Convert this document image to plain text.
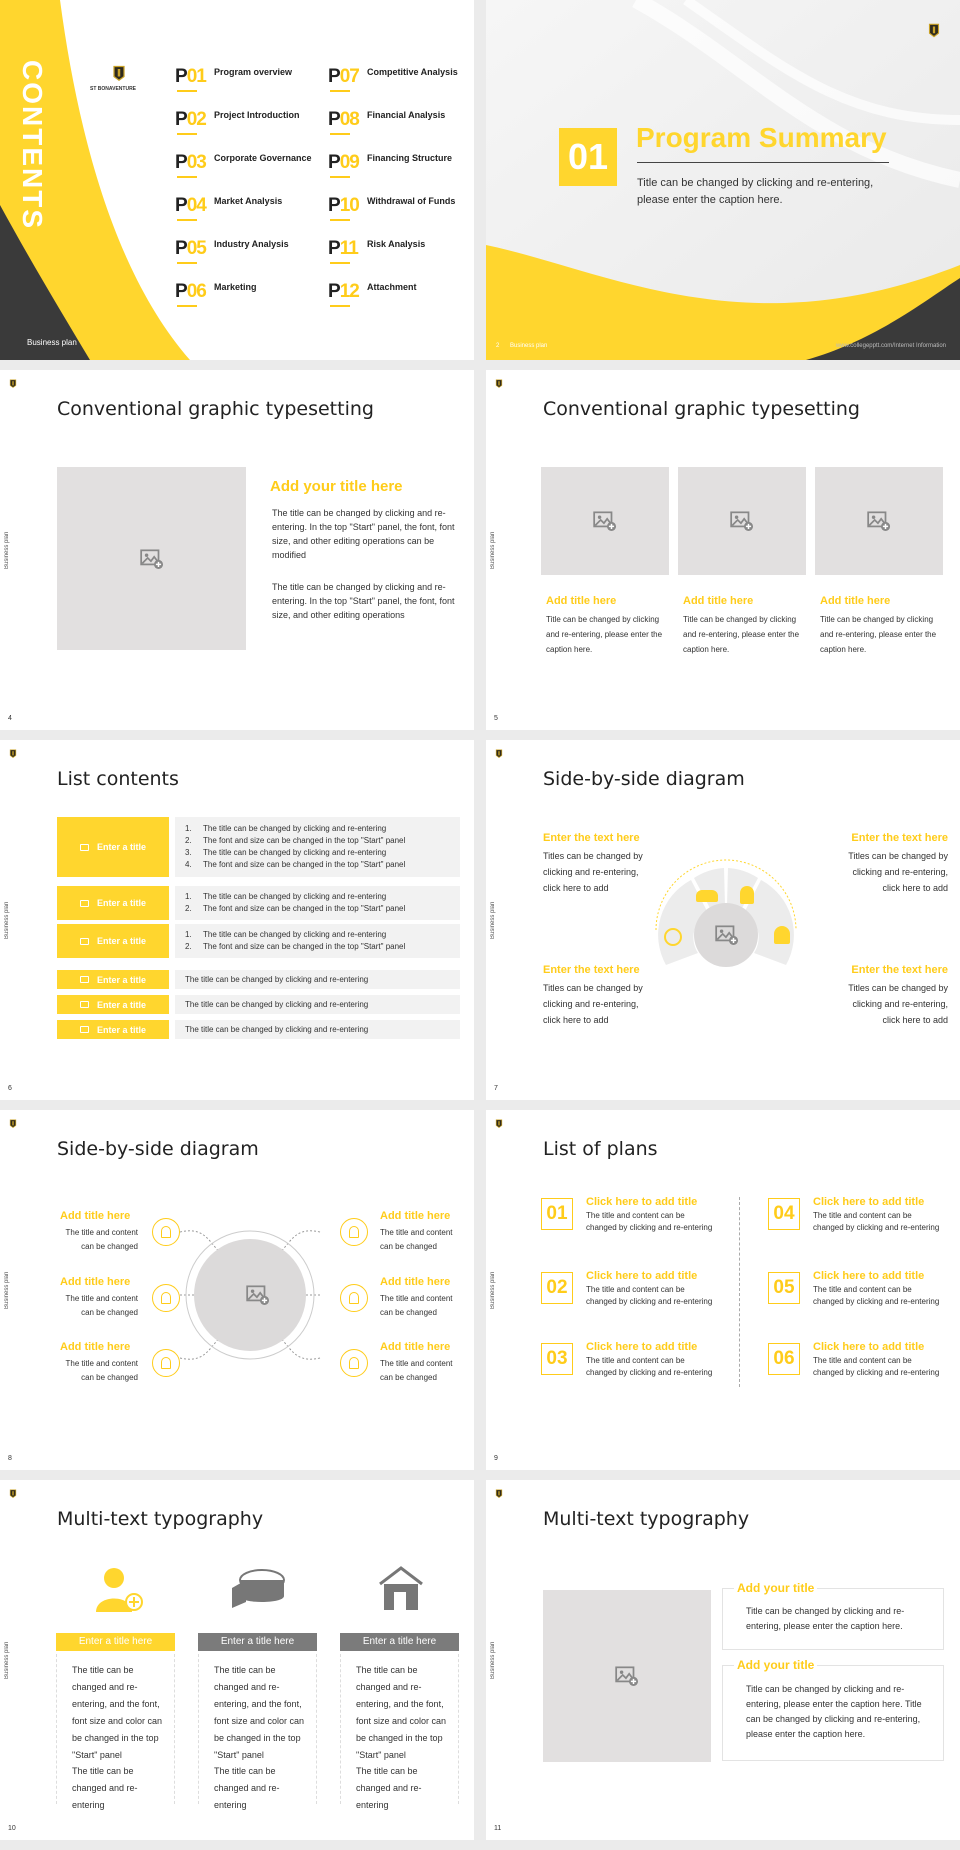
CONTENTS
Business plan
ST BONAVENTURE
P01 Program overview
P02 Project Introduction
P03 Corporate Governance
P04 Market Analysis
P05 Industry Analysis
P06 Marketing
P07 Competitive Analysis
P08 Financial Analysis
P09 Financing Structure
P10 Withdrawal of Funds
P11 Risk Analysis
P12 Attachment
01 Program Summary
Title can be changed by clicking and re-entering, please enter the caption here.
2 Business plan	www.collegepptt.com/Internet Information
Business plan
Conventional graphic typesetting
Add your title here
The title can be changed by clicking and re-entering. In the top "Start" panel, the font, font size, and other editing operations can be modified
The title can be changed by clicking and re-entering. In the top "Start" panel, the font, font size, and other editing operations
4
Business plan
Conventional graphic typesetting
Add title here
Title can be changed by clicking and re-entering, please enter the caption here.
Add title here
Title can be changed by clicking and re-entering, please enter the caption here.
Add title here
Title can be changed by clicking and re-entering, please enter the caption here.
5
Business plan
List contents
Enter a title
1. The title can be changed by clicking and re-entering
2. The font and size can be changed in the top "Start" panel
3. The title can be changed by clicking and re-entering
4. The font and size can be changed in the top "Start" panel
Enter a title
1. The title can be changed by clicking and re-entering
2. The font and size can be changed in the top "Start" panel
Enter a title
1. The title can be changed by clicking and re-entering
2. The font and size can be changed in the top "Start" panel
Enter a title	The title can be changed by clicking and re-entering
Enter a title	The title can be changed by clicking and re-entering
Enter a title	The title can be changed by clicking and re-entering
6
Business plan
Side-by-side diagram
Enter the text here
Titles can be changed by clicking and re-entering, click here to add
Enter the text here
Titles can be changed by clicking and re-entering, click here to add
Enter the text here
Titles can be changed by clicking and re-entering, click here to add
Enter the text here
Titles can be changed by clicking and re-entering, click here to add
7
Business plan
Side-by-side diagram
Add title here
The title and content can be changed
Add title here
The title and content can be changed
Add title here
The title and content can be changed
Add title here
The title and content can be changed
Add title here
The title and content can be changed
Add title here
The title and content can be changed
8
Business plan
List of plans
01
Click here to add title
The title and content can be changed by clicking and re-entering
02
Click here to add title
The title and content can be changed by clicking and re-entering
03
Click here to add title
The title and content can be changed by clicking and re-entering
04
Click here to add title
The title and content can be changed by clicking and re-entering
05
Click here to add title
The title and content can be changed by clicking and re-entering
06
Click here to add title
The title and content can be changed by clicking and re-entering
9
Business plan
Multi-text typography
Enter a title here
The title can be changed and re-entering, and the font, font size and color can be changed in the top "Start" panel
The title can be changed and re-entering
Enter a title here
The title can be changed and re-entering, and the font, font size and color can be changed in the top "Start" panel
The title can be changed and re-entering
Enter a title here
The title can be changed and re-entering, and the font, font size and color can be changed in the top "Start" panel
The title can be changed and re-entering
10
Business plan
Multi-text typography
Add your title
Title can be changed by clicking and re-entering, please enter the caption here.
Add your title
Title can be changed by clicking and re-entering, please enter the caption here. Title can be changed by clicking and re-entering, please enter the caption here.
11
